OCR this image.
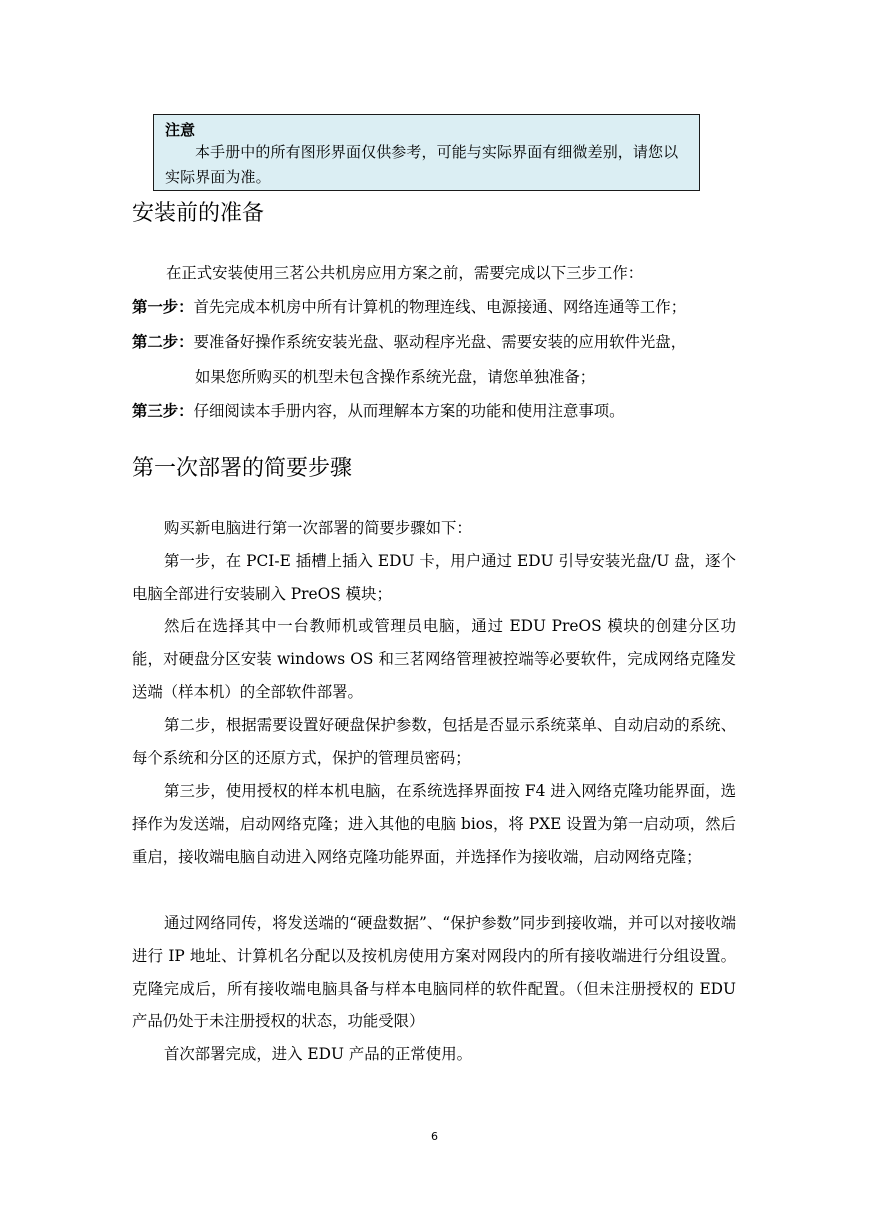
注意

本手册中的所有图形界面仅供参考，可能与实际界面有细微差别，请您以实际界面为准。

安装前的准备

在正式安装使用三茗公共机房应用方案之前，需要完成以下三步工作：

第一步：首先完成本机房中所有计算机的物理连线、电源接通、网络连通等工作；

第二步：要准备好操作系统安装光盘、驱动程序光盘、需要安装的应用软件光盘，

如果您所购买的机型未包含操作系统光盘，请您单独准备；

第三步：仔细阅读本手册内容，从而理解本方案的功能和使用注意事项。

第一次部署的简要步骤

购买新电脑进行第一次部署的简要步骤如下：

第一步，在 PCI-E 插槽上插入 EDU 卡，用户通过 EDU 引导安装光盘/U 盘，逐个电脑全部进行安装刷入 PreOS 模块；

然后在选择其中一台教师机或管理员电脑，通过 EDU PreOS 模块的创建分区功能，对硬盘分区安装 windows OS 和三茗网络管理被控端等必要软件，完成网络克隆发送端（样本机）的全部软件部署。

第二步，根据需要设置好硬盘保护参数，包括是否显示系统菜单、自动启动的系统、每个系统和分区的还原方式，保护的管理员密码；

第三步，使用授权的样本机电脑，在系统选择界面按 F4 进入网络克隆功能界面，选择作为发送端，启动网络克隆；进入其他的电脑 bios，将 PXE 设置为第一启动项，然后重启，接收端电脑自动进入网络克隆功能界面，并选择作为接收端，启动网络克隆；

通过网络同传，将发送端的“硬盘数据”、“保护参数”同步到接收端，并可以对接收端进行 IP 地址、计算机名分配以及按机房使用方案对网段内的所有接收端进行分组设置。克隆完成后，所有接收端电脑具备与样本电脑同样的软件配置。（但未注册授权的 EDU 产品仍处于未注册授权的状态，功能受限）

首次部署完成，进入 EDU 产品的正常使用。

6
